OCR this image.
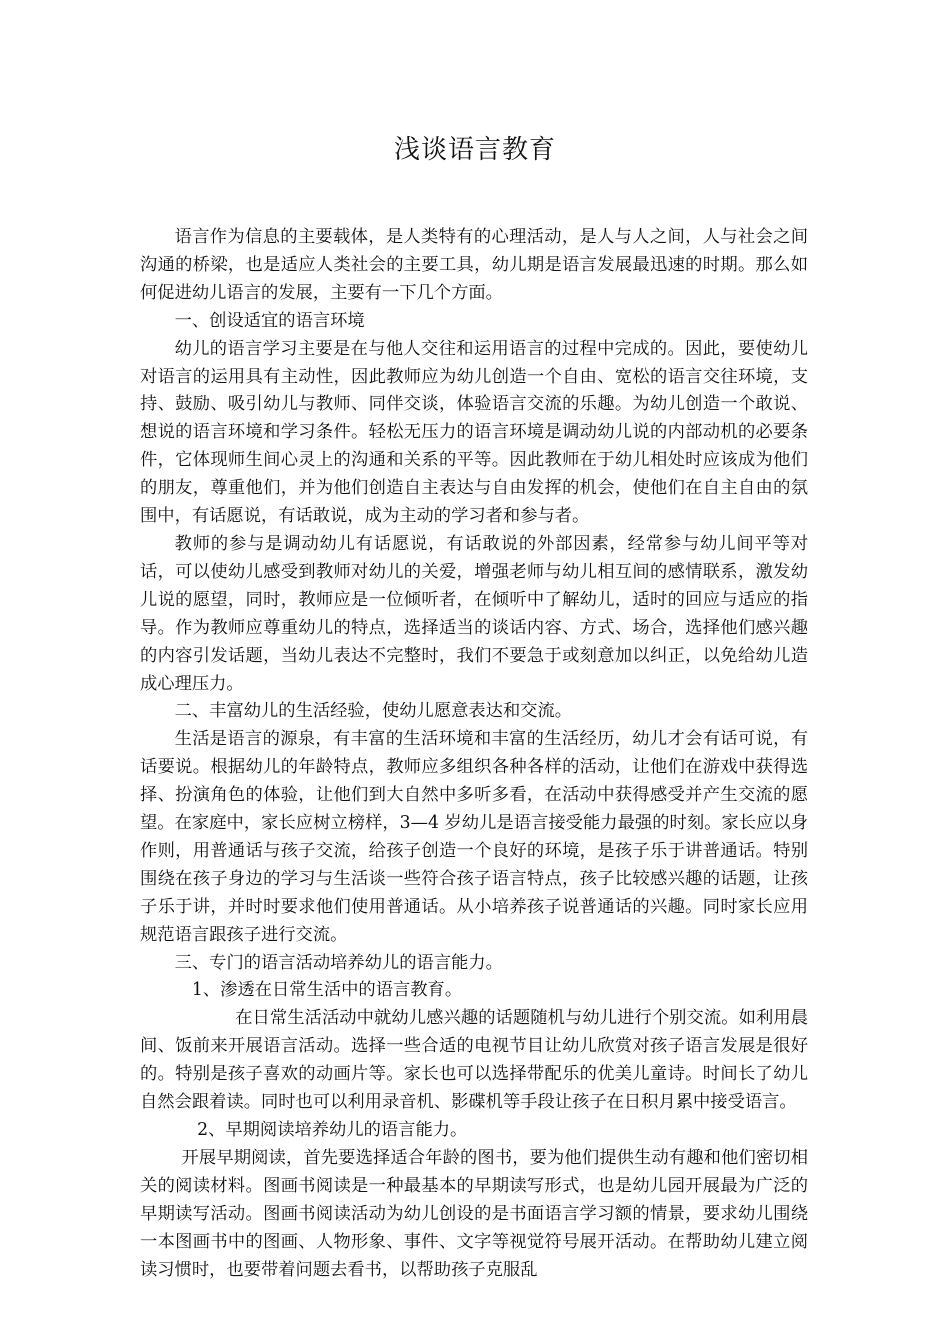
浅谈语言教育

语言作为信息的主要载体，是人类特有的心理活动，是人与人之间，人与社会之间沟通的桥梁，也是适应人类社会的主要工具，幼儿期是语言发展最迅速的时期。那么如何促进幼儿语言的发展，主要有一下几个方面。

一、创设适宜的语言环境

幼儿的语言学习主要是在与他人交往和运用语言的过程中完成的。因此，要使幼儿对语言的运用具有主动性，因此教师应为幼儿创造一个自由、宽松的语言交往环境，支持、鼓励、吸引幼儿与教师、同伴交谈，体验语言交流的乐趣。为幼儿创造一个敢说、想说的语言环境和学习条件。轻松无压力的语言环境是调动幼儿说的内部动机的必要条件，它体现师生间心灵上的沟通和关系的平等。因此教师在于幼儿相处时应该成为他们的朋友，尊重他们，并为他们创造自主表达与自由发挥的机会，使他们在自主自由的氛围中，有话愿说，有话敢说，成为主动的学习者和参与者。

教师的参与是调动幼儿有话愿说，有话敢说的外部因素，经常参与幼儿间平等对话，可以使幼儿感受到教师对幼儿的关爱，增强老师与幼儿相互间的感情联系，激发幼儿说的愿望，同时，教师应是一位倾听者，在倾听中了解幼儿，适时的回应与适应的指导。作为教师应尊重幼儿的特点，选择适当的谈话内容、方式、场合，选择他们感兴趣的内容引发话题，当幼儿表达不完整时，我们不要急于或刻意加以纠正，以免给幼儿造成心理压力。

二、丰富幼儿的生活经验，使幼儿愿意表达和交流。

生活是语言的源泉，有丰富的生活环境和丰富的生活经历，幼儿才会有话可说，有话要说。根据幼儿的年龄特点，教师应多组织各种各样的活动，让他们在游戏中获得选择、扮演角色的体验，让他们到大自然中多听多看，在活动中获得感受并产生交流的愿望。在家庭中，家长应树立榜样，3—4 岁幼儿是语言接受能力最强的时刻。家长应以身作则，用普通话与孩子交流，给孩子创造一个良好的环境，是孩子乐于讲普通话。特别围绕在孩子身边的学习与生活谈一些符合孩子语言特点，孩子比较感兴趣的话题，让孩子乐于讲，并时时要求他们使用普通话。从小培养孩子说普通话的兴趣。同时家长应用规范语言跟孩子进行交流。

三、专门的语言活动培养幼儿的语言能力。

1、渗透在日常生活中的语言教育。

在日常生活活动中就幼儿感兴趣的话题随机与幼儿进行个别交流。如利用晨间、饭前来开展语言活动。选择一些合适的电视节目让幼儿欣赏对孩子语言发展是很好的。特别是孩子喜欢的动画片等。家长也可以选择带配乐的优美儿童诗。时间长了幼儿自然会跟着读。同时也可以利用录音机、影碟机等手段让孩子在日积月累中接受语言。

2、早期阅读培养幼儿的语言能力。

开展早期阅读，首先要选择适合年龄的图书，要为他们提供生动有趣和他们密切相关的阅读材料。图画书阅读是一种最基本的早期读写形式，也是幼儿园开展最为广泛的早期读写活动。图画书阅读活动为幼儿创设的是书面语言学习额的情景，要求幼儿围绕一本图画书中的图画、人物形象、事件、文字等视觉符号展开活动。在帮助幼儿建立阅读习惯时，也要带着问题去看书，以帮助孩子克服乱
